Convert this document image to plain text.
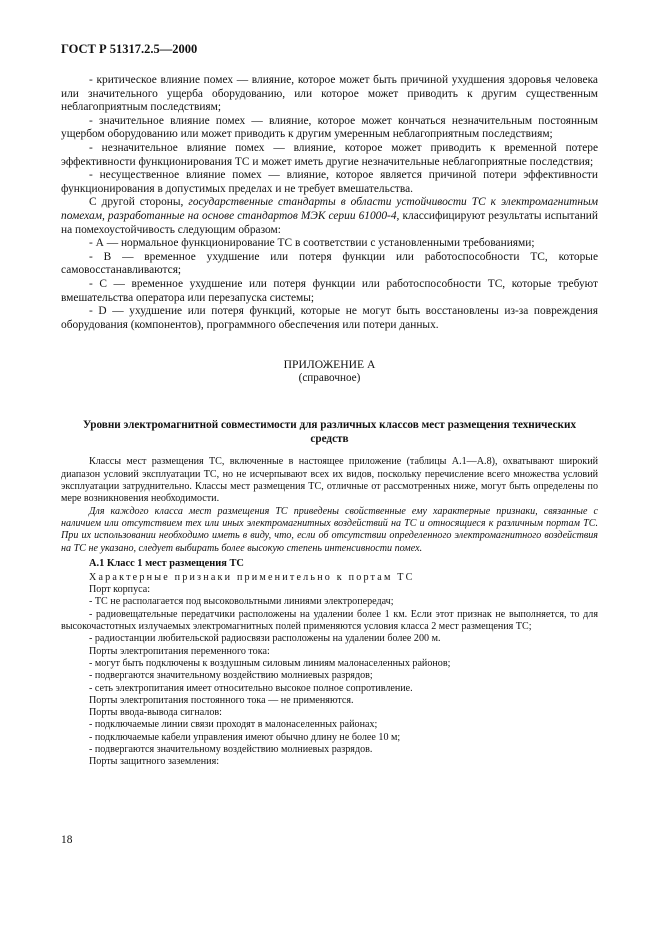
ГОСТ Р 51317.2.5—2000

- критическое влияние помех — влияние, которое может быть причиной ухудшения здоровья человека или значительного ущерба оборудованию, или которое может приводить к другим существенным неблагоприятным последствиям;

- значительное влияние помех — влияние, которое может кончаться незначительным постоянным ущербом оборудованию или может приводить к другим умеренным неблагоприятным последствиям;

- незначительное влияние помех — влияние, которое может приводить к временной потере эффективности функционирования ТС и может иметь другие незначительные неблагоприятные последствия;

- несущественное влияние помех — влияние, которое является причиной потери эффективности функционирования в допустимых пределах и не требует вмешательства.

С другой стороны, государственные стандарты в области устойчивости ТС к электромагнитным помехам, разработанные на основе стандартов МЭК серии 61000-4, классифицируют результаты испытаний на помехоустойчивость следующим образом:

- А — нормальное функционирование ТС в соответствии с установленными требованиями;

- В — временное ухудшение или потеря функции или работоспособности ТС, которые самовосстанавливаются;

- С — временное ухудшение или потеря функции или работоспособности ТС, которые требуют вмешательства оператора или перезапуска системы;

- D — ухудшение или потеря функций, которые не могут быть восстановлены из-за повреждения оборудования (компонентов), программного обеспечения или потери данных.

ПРИЛОЖЕНИЕ А

(справочное)

Уровни электромагнитной совместимости для различных классов мест размещения технических средств

Классы мест размещения ТС, включенные в настоящее приложение (таблицы А.1—А.8), охватывают широкий диапазон условий эксплуатации ТС, но не исчерпывают всех их видов, поскольку перечисление всего множества условий эксплуатации затруднительно. Классы мест размещения ТС, отличные от рассмотренных ниже, могут быть определены по мере возникновения необходимости.

Для каждого класса мест размещения ТС приведены свойственные ему характерные признаки, связанные с наличием или отсутствием тех или иных электромагнитных воздействий на ТС и относящиеся к различным портам ТС. При их использовании необходимо иметь в виду, что, если об отсутствии определенного электромагнитного воздействия на ТС не указано, следует выбирать более высокую степень интенсивности помех.

А.1 Класс 1 мест размещения ТС

Характерные признаки применительно к портам ТС

Порт корпуса:

- ТС не располагается под высоковольтными линиями электропередач;

- радиовещательные передатчики расположены на удалении более 1 км. Если этот признак не выполняется, то для высокочастотных излучаемых электромагнитных полей применяются условия класса 2 мест размещения ТС;

- радиостанции любительской радиосвязи расположены на удалении более 200 м.

Порты электропитания переменного тока:

- могут быть подключены к воздушным силовым линиям малонаселенных районов;

- подвергаются значительному воздействию молниевых разрядов;

- сеть электропитания имеет относительно высокое полное сопротивление.

Порты электропитания постоянного тока — не применяются.

Порты ввода-вывода сигналов:

- подключаемые линии связи проходят в малонаселенных районах;

- подключаемые кабели управления имеют обычно длину не более 10 м;

- подвергаются значительному воздействию молниевых разрядов.

Порты защитного заземления:

18
